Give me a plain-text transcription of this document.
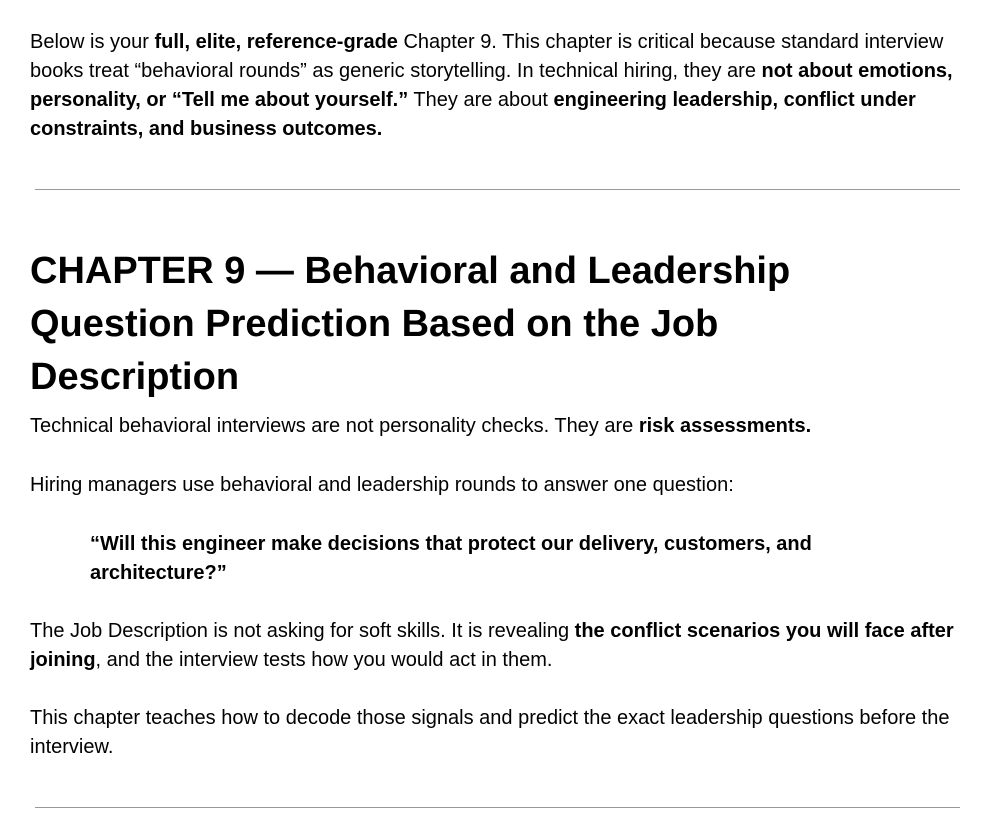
Below is your full, elite, reference-grade Chapter 9. This chapter is critical because standard interview books treat “behavioral rounds” as generic storytelling. In technical hiring, they are not about emotions, personality, or “Tell me about yourself.” They are about engineering leadership, conflict under constraints, and business outcomes.

CHAPTER 9 — Behavioral and Leadership Question Prediction Based on the Job Description

Technical behavioral interviews are not personality checks. They are risk assessments.

Hiring managers use behavioral and leadership rounds to answer one question:

“Will this engineer make decisions that protect our delivery, customers, and architecture?”

The Job Description is not asking for soft skills. It is revealing the conflict scenarios you will face after joining, and the interview tests how you would act in them.

This chapter teaches how to decode those signals and predict the exact leadership questions before the interview.
